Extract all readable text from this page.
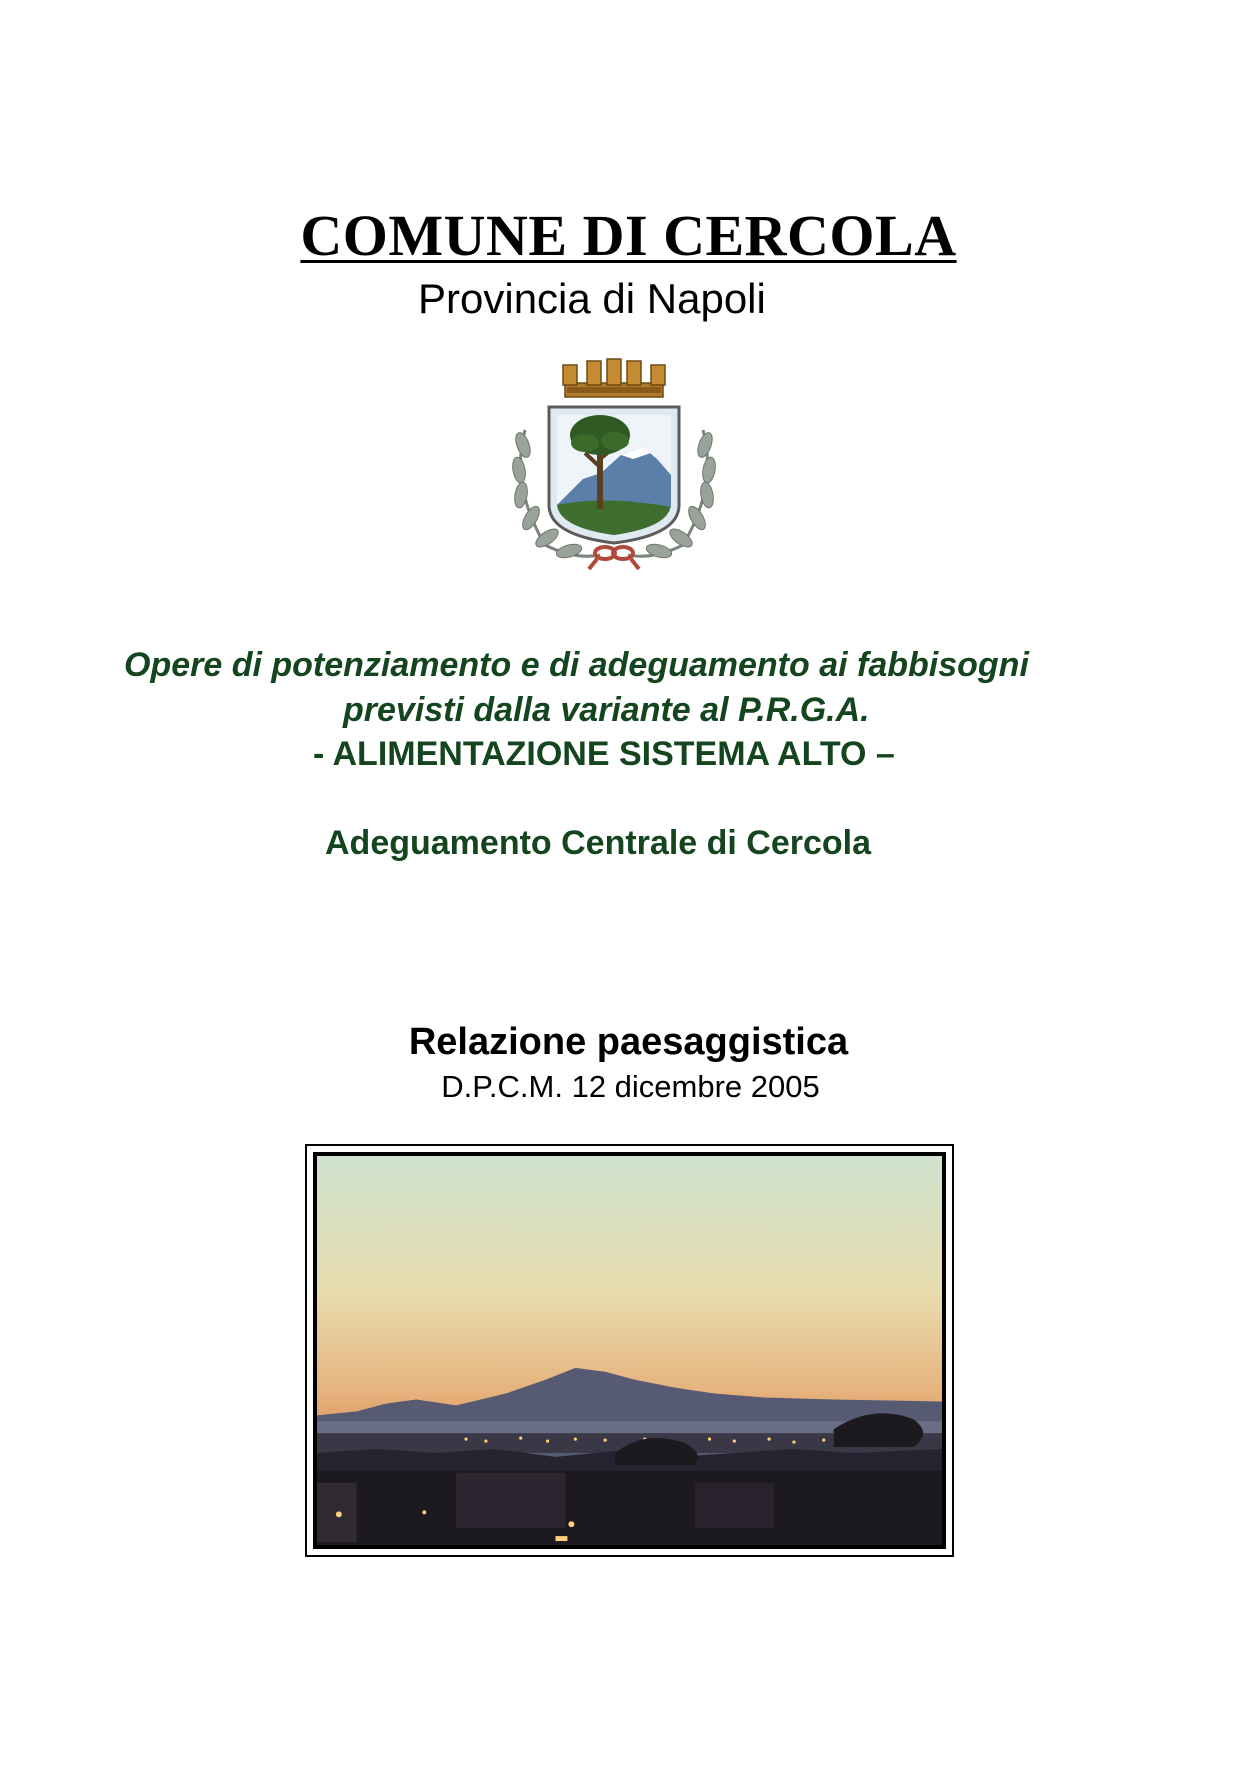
COMUNE DI CERCOLA
Provincia di Napoli
Opere di potenziamento e di adeguamento ai fabbisogni
previsti dalla variante al P.R.G.A.
- ALIMENTAZIONE SISTEMA ALTO –
Adeguamento Centrale di Cercola
Relazione paesaggistica
D.P.C.M. 12 dicembre 2005
